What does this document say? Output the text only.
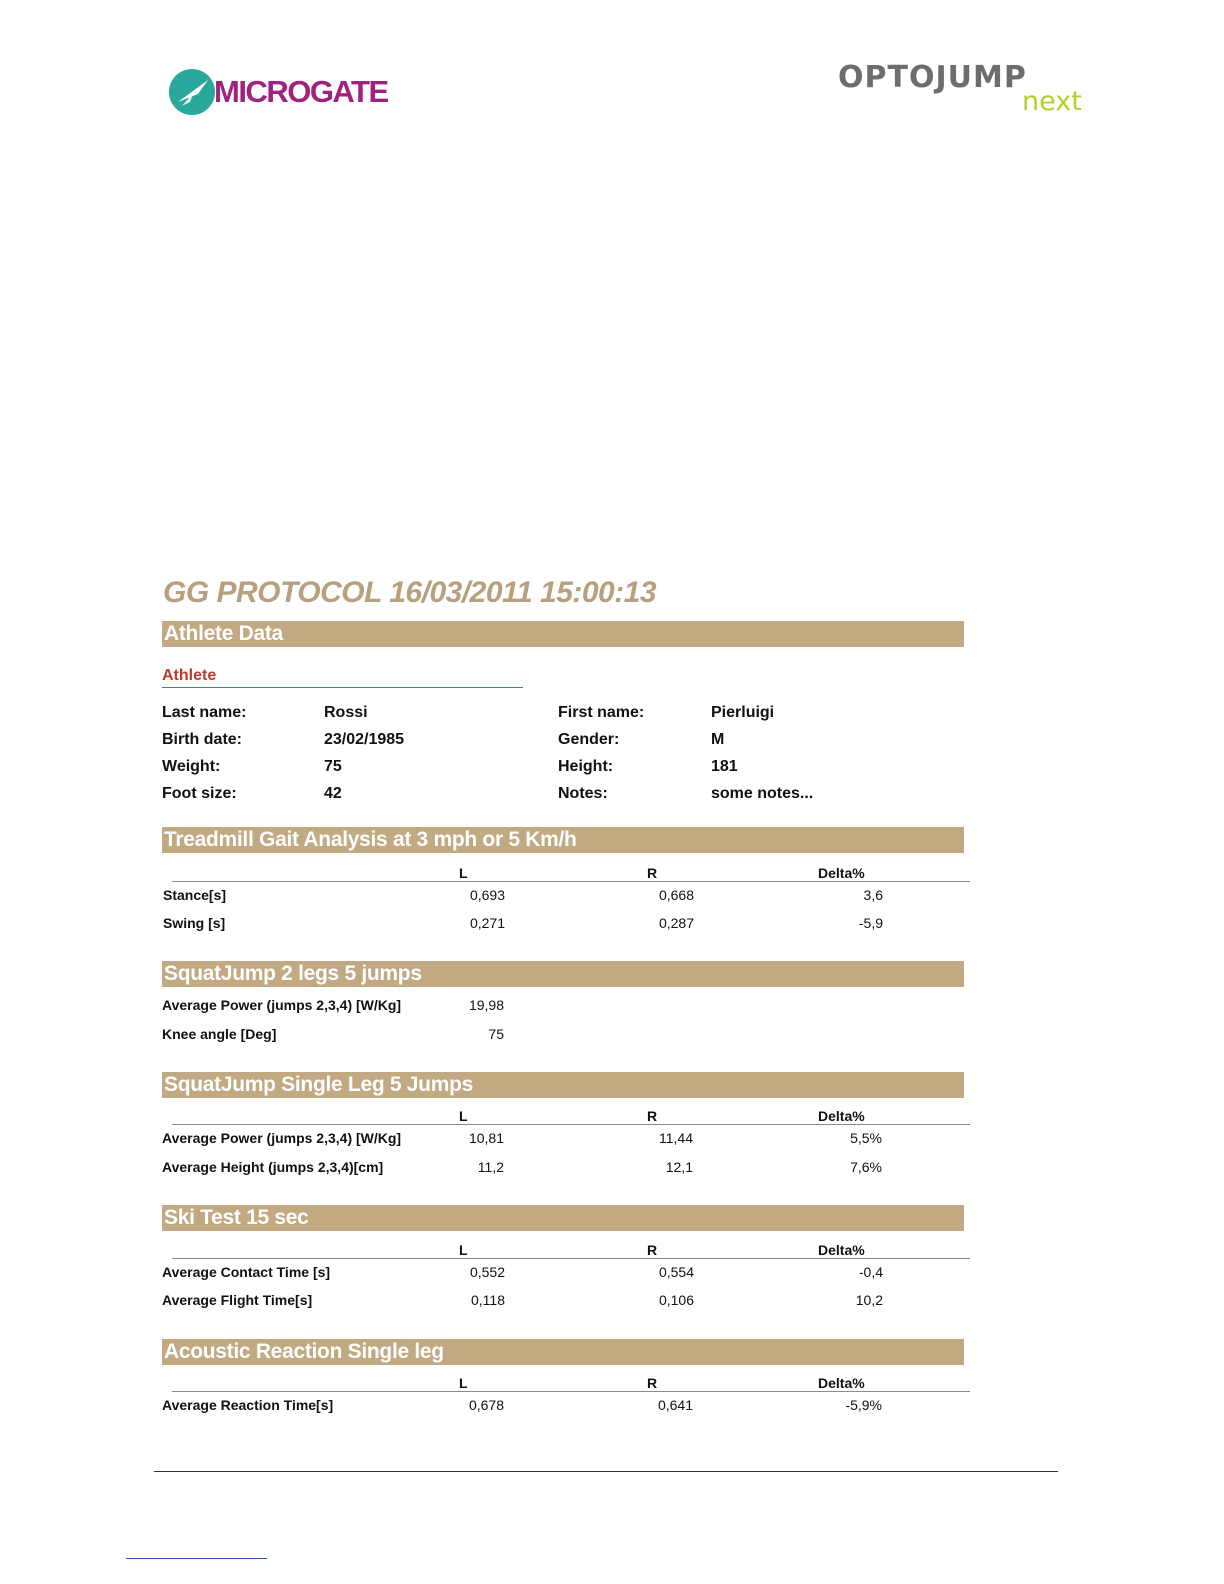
MICROGATE	OPTOJUMP
next
GG PROTOCOL 16/03/2011 15:00:13
Athlete Data
Athlete
Last name:	Rossi	First name:	Pierluigi
Birth date:	23/02/1985	Gender:	M
Weight:	75	Height:	181
Foot size:	42	Notes:	some notes...
Treadmill Gait Analysis at 3 mph or 5 Km/h
L	R	Delta%
Stance[s]	0,693	0,668	3,6
Swing [s]	0,271	0,287	-5,9
SquatJump 2 legs 5 jumps
Average Power (jumps 2,3,4) [W/Kg]	19,98
Knee angle [Deg]	75
SquatJump Single Leg 5 Jumps
L	R	Delta%
Average Power (jumps 2,3,4) [W/Kg]	10,81	11,44	5,5%
Average Height (jumps 2,3,4)[cm]	11,2	12,1	7,6%
Ski Test 15 sec
L	R	Delta%
Average Contact Time [s]	0,552	0,554	-0,4
Average Flight Time[s]	0,118	0,106	10,2
Acoustic Reaction Single leg
L	R	Delta%
Average Reaction Time[s]	0,678	0,641	-5,9%
